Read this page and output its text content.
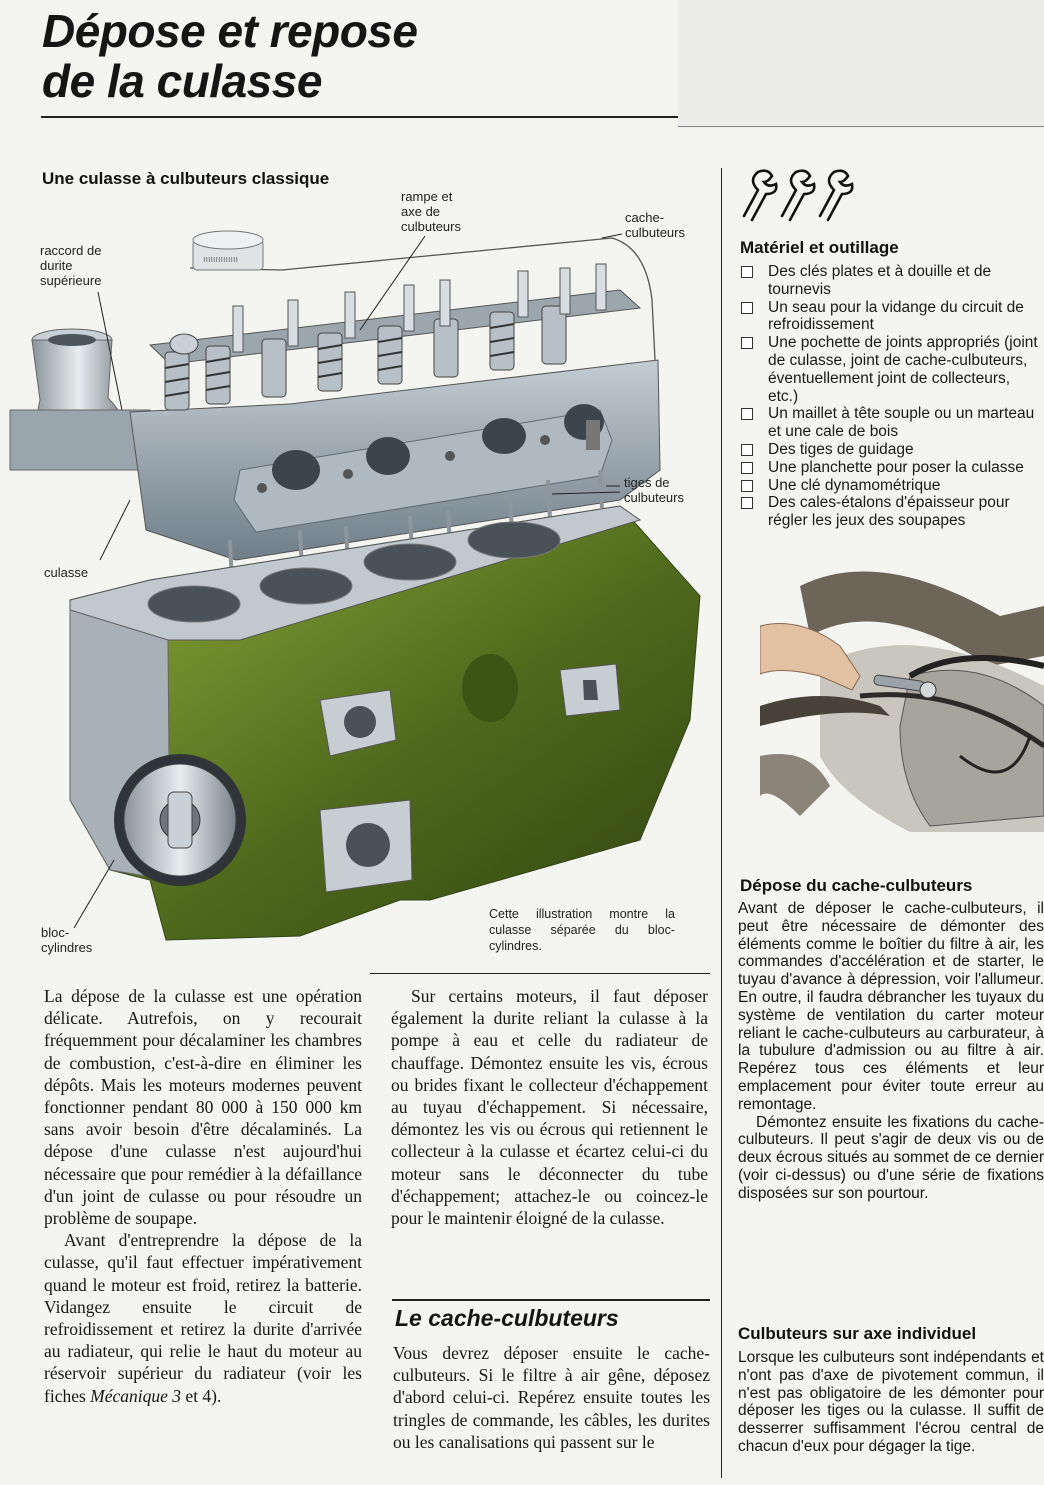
Dépose et repose
de la culasse
Une culasse à culbuteurs classique
ıııııııııııııı
raccord de
durite
supérieure
rampe et
axe de
culbuteurs
cache-
culbuteurs
tiges de
culbuteurs
culasse
bloc-
cylindres
Cette illustration montre la culasse séparée du bloc-cylindres.

La dépose de la culasse est une opération délicate. Autrefois, on y recourait fréquemment pour décalaminer les chambres de combustion, c'est-à-dire en éliminer les dépôts. Mais les moteurs modernes peuvent fonctionner pendant 80 000 à 150 000 km sans avoir besoin d'être décalaminés. La dépose d'une culasse n'est aujourd'hui nécessaire que pour remédier à la défaillance d'un joint de culasse ou pour résoudre un problème de soupape.

Avant d'entreprendre la dépose de la culasse, qu'il faut effectuer impérativement quand le moteur est froid, retirez la batterie. Vidangez ensuite le circuit de refroidissement et retirez la durite d'arrivée au radiateur, qui relie le haut du moteur au réservoir supérieur du radiateur (voir les fiches Mécanique 3 et 4).

Sur certains moteurs, il faut déposer également la durite reliant la culasse à la pompe à eau et celle du radiateur de chauffage. Démontez ensuite les vis, écrous ou brides fixant le collecteur d'échappement au tuyau d'échappement. Si nécessaire, démontez les vis ou écrous qui retiennent le collecteur à la culasse et écartez celui-ci du moteur sans le déconnecter du tube d'échappement; attachez-le ou coincez-le pour le maintenir éloigné de la culasse.

Le cache-culbuteurs

Vous devrez déposer ensuite le cache-culbuteurs. Si le filtre à air gêne, déposez d'abord celui-ci. Repérez ensuite toutes les tringles de commande, les câbles, les durites ou les canalisations qui passent sur le

Matériel et outillage
Des clés plates et à douille et de tournevis
Un seau pour la vidange du circuit de refroidissement
Une pochette de joints appropriés (joint de culasse, joint de cache-culbuteurs, éventuellement joint de collecteurs, etc.)
Un maillet à tête souple ou un marteau et une cale de bois
Des tiges de guidage
Une planchette pour poser la culasse
Une clé dynamométrique
Des cales-étalons d'épaisseur pour régler les jeux des soupapes
Dépose du cache-culbuteurs

Avant de déposer le cache-culbuteurs, il peut être nécessaire de démonter des éléments comme le boîtier du filtre à air, les commandes d'accélération et de starter, le tuyau d'avance à dépression, voir l'allumeur. En outre, il faudra débrancher les tuyaux du système de ventilation du carter moteur reliant le cache-culbuteurs au carburateur, à la tubulure d'admission ou au filtre à air. Repérez tous ces éléments et leur emplacement pour éviter toute erreur au remontage.

Démontez ensuite les fixations du cache-culbuteurs. Il peut s'agir de deux vis ou de deux écrous situés au sommet de ce dernier (voir ci-dessus) ou d'une série de fixations disposées sur son pourtour.

Culbuteurs sur axe individuel

Lorsque les culbuteurs sont indépendants et n'ont pas d'axe de pivotement commun, il n'est pas obligatoire de les démonter pour déposer les tiges ou la culasse. Il suffit de desserrer suffisamment l'écrou central de chacun d'eux pour dégager la tige.
